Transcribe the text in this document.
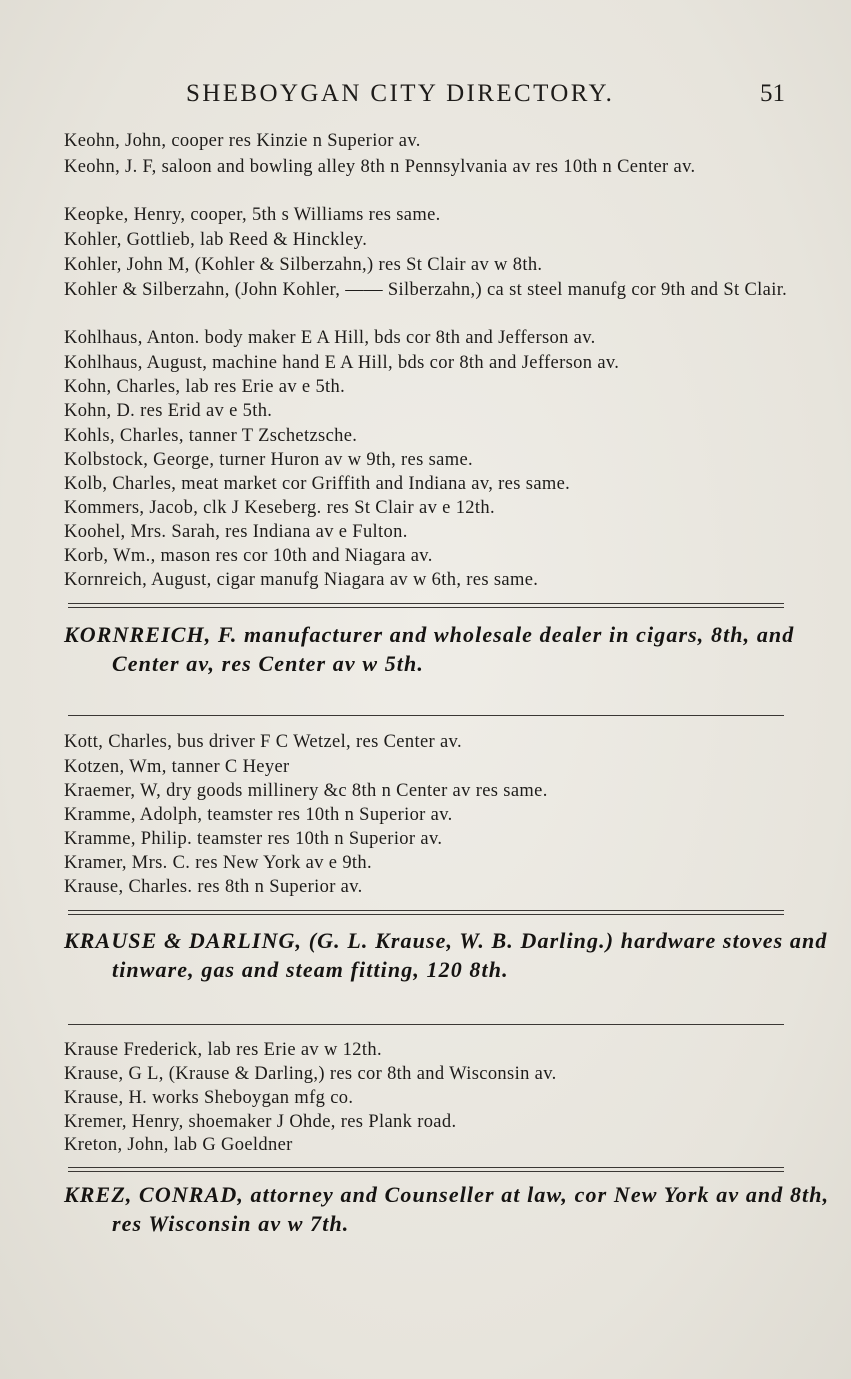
SHEBOYGAN CITY DIRECTORY.	51
Keohn, John, cooper res Kinzie n Superior av.
Keohn, J. F, saloon and bowling alley 8th n Pennsylvania av res 10th n Center av.
Keopke, Henry, cooper, 5th s Williams res same.
Kohler, Gottlieb, lab Reed & Hinckley.
Kohler, John M, (Kohler & Silberzahn,) res St Clair av w 8th.
Kohler & Silberzahn, (John Kohler, —— Silberzahn,) ca st steel manufg cor 9th and St Clair.
Kohlhaus, Anton. body maker E A Hill, bds cor 8th and Jefferson av.
Kohlhaus, August, machine hand E A Hill, bds cor 8th and Jefferson av.
Kohn, Charles, lab res Erie av e 5th.
Kohn, D. res Erid av e 5th.
Kohls, Charles, tanner T Zschetzsche.
Kolbstock, George, turner Huron av w 9th, res same.
Kolb, Charles, meat market cor Griffith and Indiana av, res same.
Kommers, Jacob, clk J Keseberg. res St Clair av e 12th.
Koohel, Mrs. Sarah, res Indiana av e Fulton.
Korb, Wm., mason res cor 10th and Niagara av.
Kornreich, August, cigar manufg Niagara av w 6th, res same.
KORNREICH, F. manufacturer and wholesale dealer in cigars, 8th, and Center av, res Center av w 5th.
Kott, Charles, bus driver F C Wetzel, res Center av.
Kotzen, Wm, tanner C Heyer
Kraemer, W, dry goods millinery &c 8th n Center av res same.
Kramme, Adolph, teamster res 10th n Superior av.
Kramme, Philip. teamster res 10th n Superior av.
Kramer, Mrs. C. res New York av e 9th.
Krause, Charles. res 8th n Superior av.
KRAUSE & DARLING, (G. L. Krause, W. B. Darling.) hardware stoves and tinware, gas and steam fitting, 120 8th.
Krause Frederick, lab res Erie av w 12th.
Krause, G L, (Krause & Darling,) res cor 8th and Wisconsin av.
Krause, H. works Sheboygan mfg co.
Kremer, Henry, shoemaker J Ohde, res Plank road.
Kreton, John, lab G Goeldner
KREZ, CONRAD, attorney and Counseller at law, cor New York av and 8th, res Wisconsin av w 7th.
